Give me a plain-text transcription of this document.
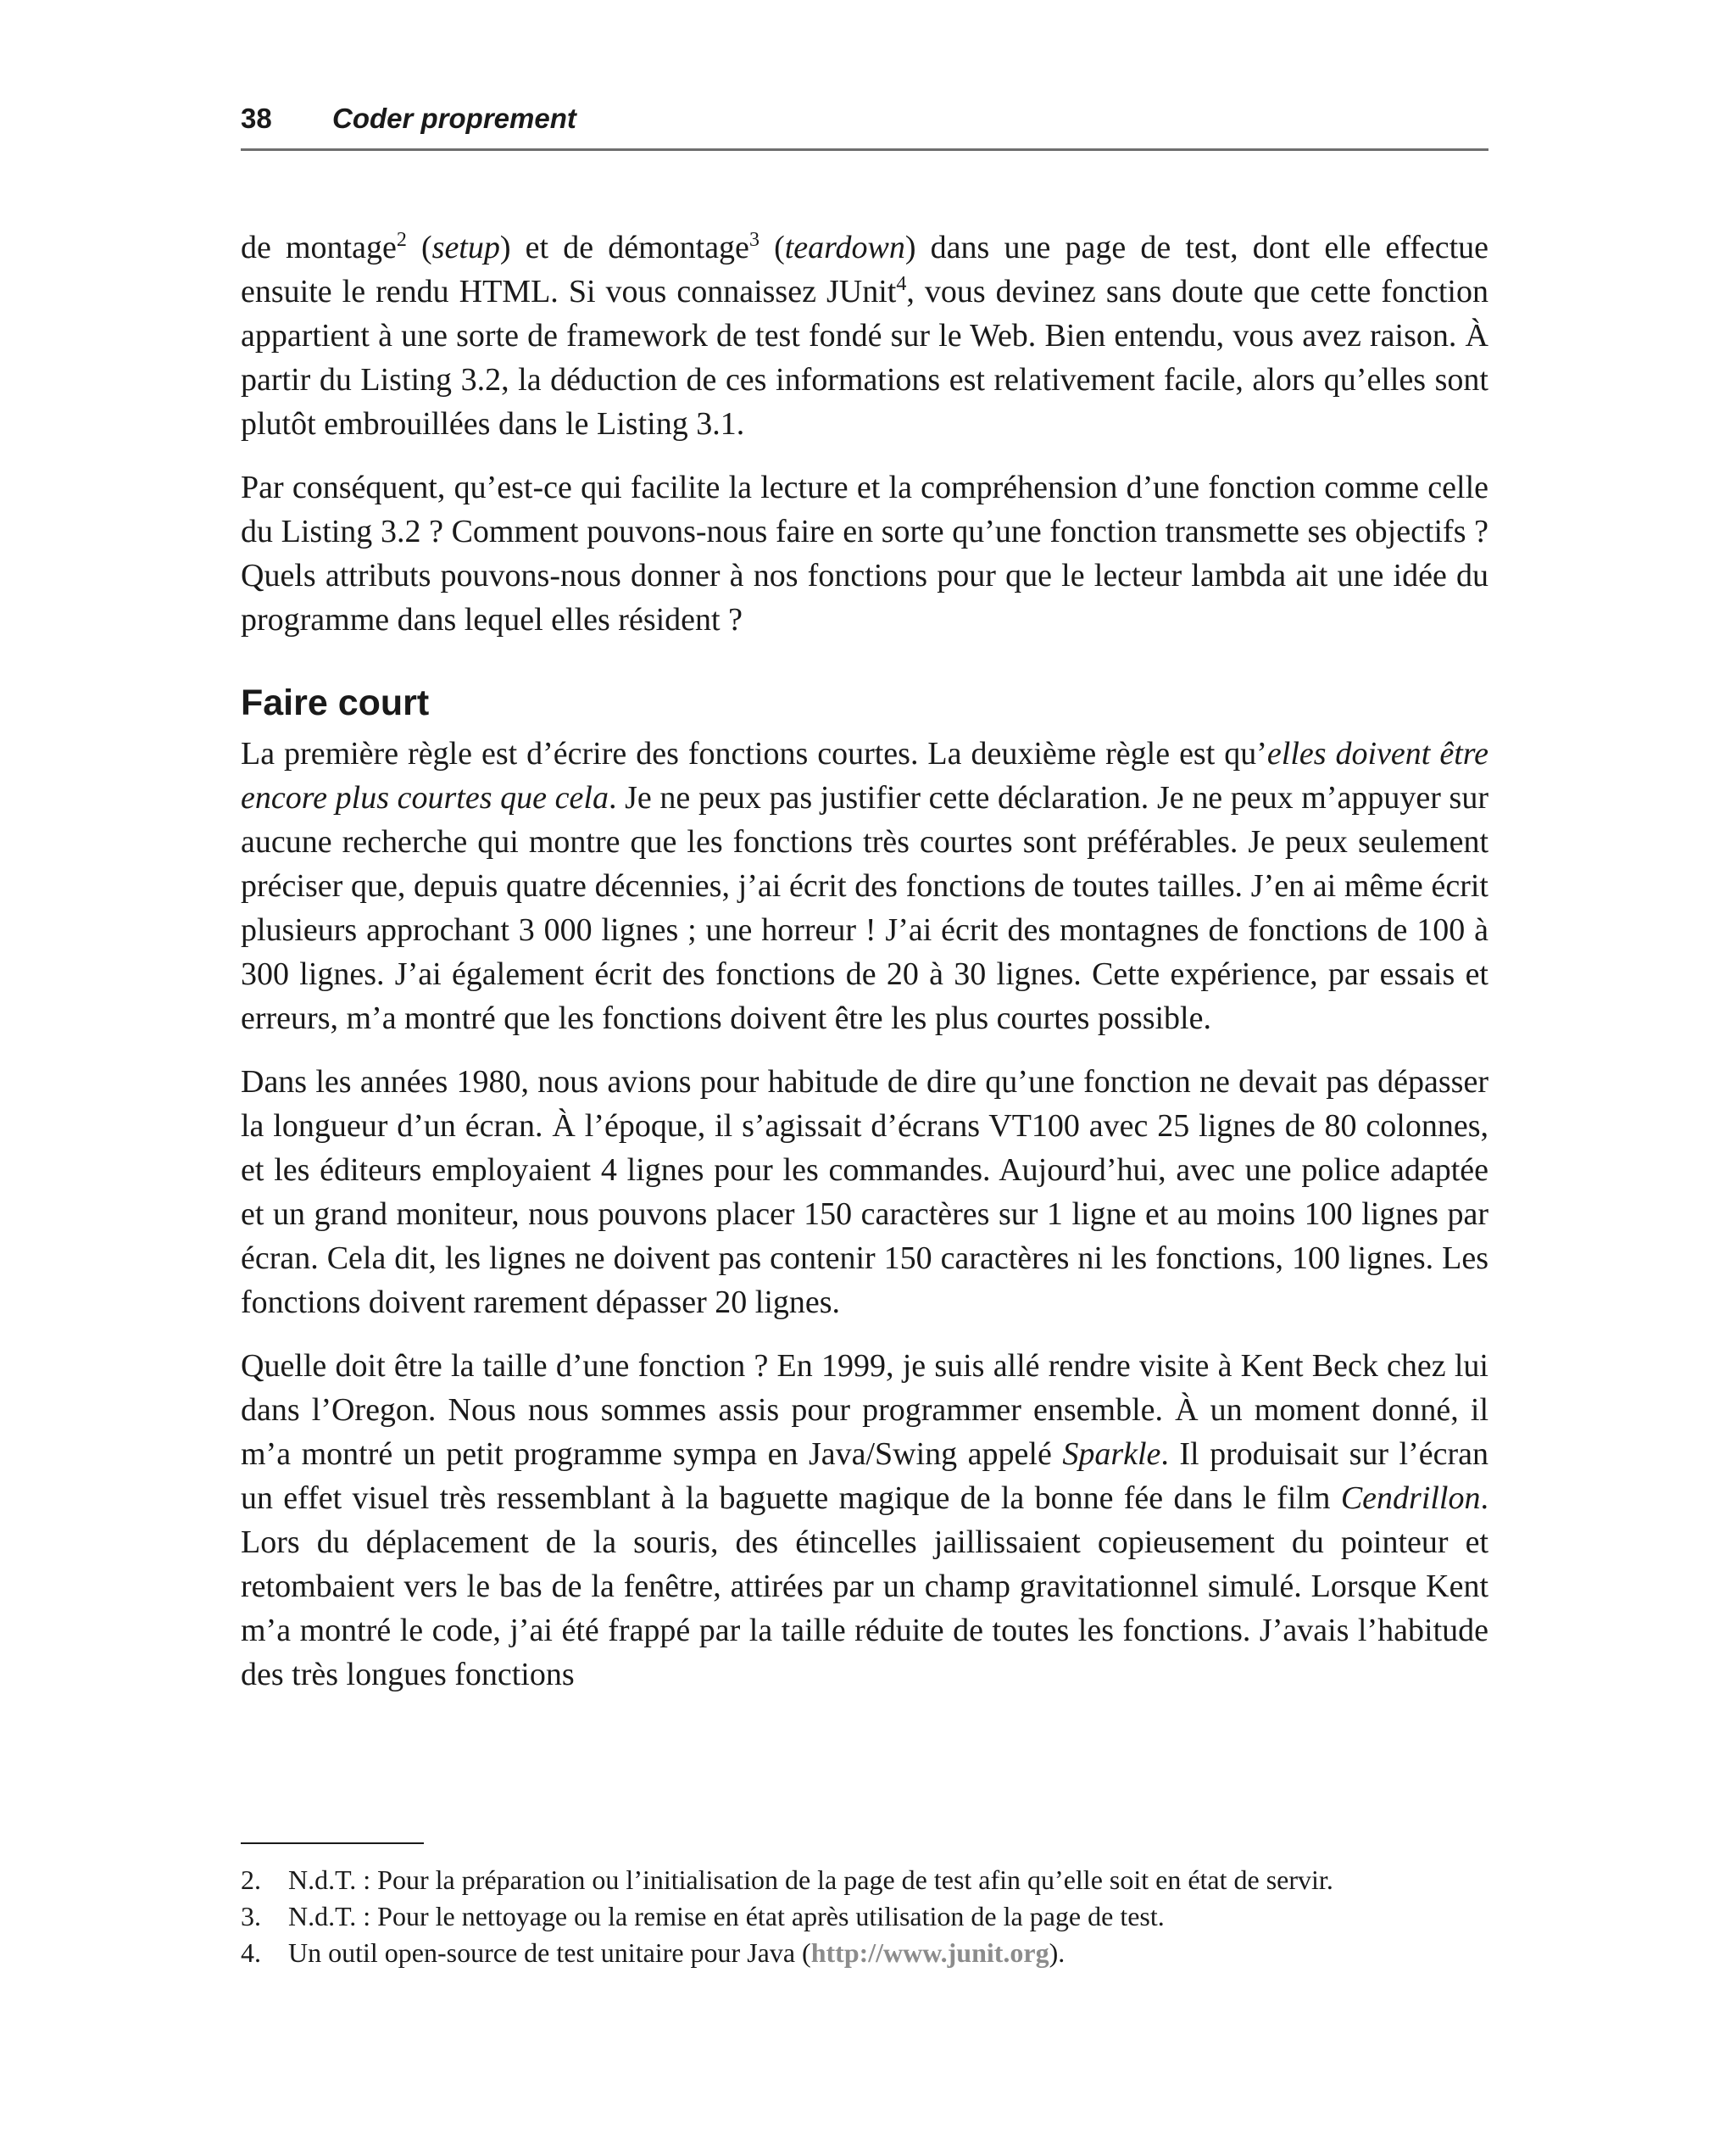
38 Coder proprement

de montage$^2$ (setup) et de démontage$^3$ (teardown) dans une page de test, dont elle effectue ensuite le rendu HTML. Si vous connaissez JUnit$^4$, vous devinez sans doute que cette fonction appartient à une sorte de framework de test fondé sur le Web. Bien entendu, vous avez raison. À partir du Listing 3.2, la déduction de ces informations est relativement facile, alors qu’elles sont plutôt embrouillées dans le Listing 3.1.

Par conséquent, qu’est-ce qui facilite la lecture et la compréhension d’une fonction comme celle du Listing 3.2 ? Comment pouvons-nous faire en sorte qu’une fonction transmette ses objectifs ? Quels attributs pouvons-nous donner à nos fonctions pour que le lecteur lambda ait une idée du programme dans lequel elles résident ?

Faire court

La première règle est d’écrire des fonctions courtes. La deuxième règle est qu’elles doivent être encore plus courtes que cela. Je ne peux pas justifier cette déclaration. Je ne peux m’appuyer sur aucune recherche qui montre que les fonctions très courtes sont préférables. Je peux seulement préciser que, depuis quatre décennies, j’ai écrit des fonctions de toutes tailles. J’en ai même écrit plusieurs approchant 3 000 lignes ; une horreur ! J’ai écrit des montagnes de fonctions de 100 à 300 lignes. J’ai également écrit des fonctions de 20 à 30 lignes. Cette expérience, par essais et erreurs, m’a montré que les fonctions doivent être les plus courtes possible.

Dans les années 1980, nous avions pour habitude de dire qu’une fonction ne devait pas dépasser la longueur d’un écran. À l’époque, il s’agissait d’écrans VT100 avec 25 lignes de 80 colonnes, et les éditeurs employaient 4 lignes pour les commandes. Aujourd’hui, avec une police adaptée et un grand moniteur, nous pouvons placer 150 caractères sur 1 ligne et au moins 100 lignes par écran. Cela dit, les lignes ne doivent pas contenir 150 caractères ni les fonctions, 100 lignes. Les fonctions doivent rarement dépasser 20 lignes.

Quelle doit être la taille d’une fonction ? En 1999, je suis allé rendre visite à Kent Beck chez lui dans l’Oregon. Nous nous sommes assis pour programmer ensemble. À un moment donné, il m’a montré un petit programme sympa en Java/Swing appelé Sparkle. Il produisait sur l’écran un effet visuel très ressemblant à la baguette magique de la bonne fée dans le film Cendrillon. Lors du déplacement de la souris, des étincelles jaillissaient copieusement du pointeur et retombaient vers le bas de la fenêtre, attirées par un champ gravitationnel simulé. Lorsque Kent m’a montré le code, j’ai été frappé par la taille réduite de toutes les fonctions. J’avais l’habitude des très longues fonctions

2. N.d.T. : Pour la préparation ou l’initialisation de la page de test afin qu’elle soit en état de servir.
3. N.d.T. : Pour le nettoyage ou la remise en état après utilisation de la page de test.
4. Un outil open-source de test unitaire pour Java (http://www.junit.org).
